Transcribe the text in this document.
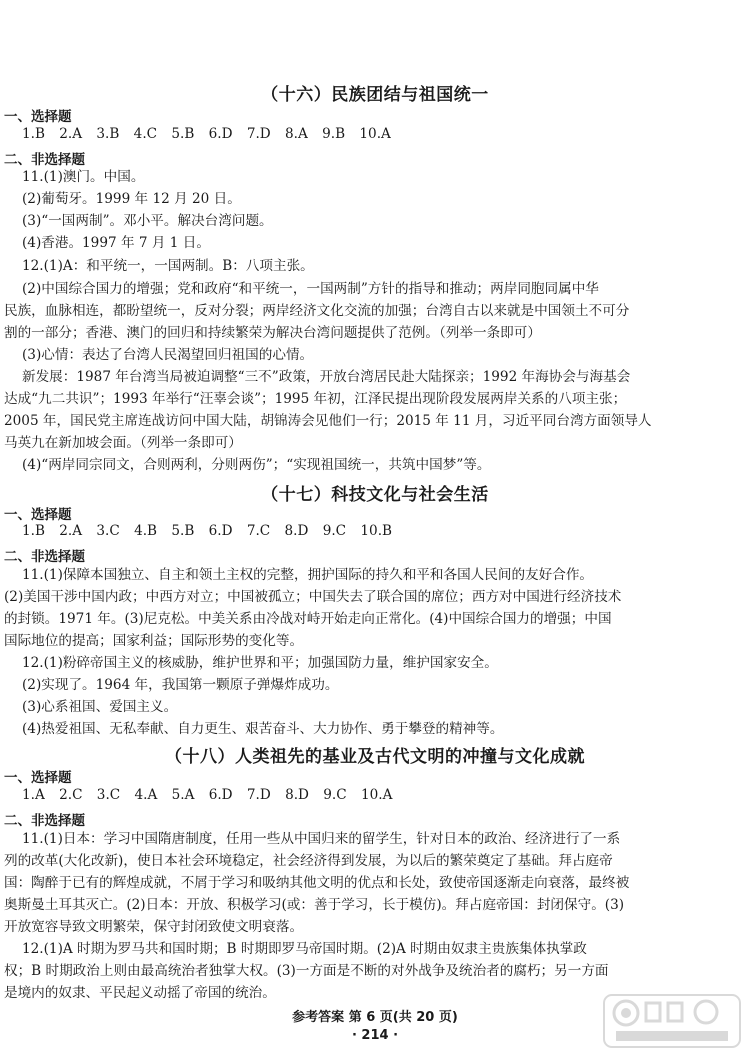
（十六）民族团结与祖国统一
一、选择题
1.B 2.A 3.B 4.C 5.B 6.D 7.D 8.A 9.B 10.A
二、非选择题
11.(1)澳门。中国。
(2)葡萄牙。1999 年 12 月 20 日。
(3)“一国两制”。邓小平。解决台湾问题。
(4)香港。1997 年 7 月 1 日。
12.(1)A：和平统一，一国两制。B：八项主张。
(2)中国综合国力的增强；党和政府“和平统一，一国两制”方针的指导和推动；两岸同胞同属中华
民族，血脉相连，都盼望统一，反对分裂；两岸经济文化交流的加强；台湾自古以来就是中国领土不可分
割的一部分；香港、澳门的回归和持续繁荣为解决台湾问题提供了范例。（列举一条即可）
(3)心情：表达了台湾人民渴望回归祖国的心情。
新发展：1987 年台湾当局被迫调整“三不”政策，开放台湾居民赴大陆探亲；1992 年海协会与海基会
达成“九二共识”；1993 年举行“汪辜会谈”；1995 年初，江泽民提出现阶段发展两岸关系的八项主张；
2005 年，国民党主席连战访问中国大陆，胡锦涛会见他们一行；2015 年 11 月，习近平同台湾方面领导人
马英九在新加坡会面。（列举一条即可）
(4)“两岸同宗同文，合则两利，分则两伤”；“实现祖国统一，共筑中国梦”等。
（十七）科技文化与社会生活
一、选择题
1.B 2.A 3.C 4.B 5.B 6.D 7.C 8.D 9.C 10.B
二、非选择题
11.(1)保障本国独立、自主和领土主权的完整，拥护国际的持久和平和各国人民间的友好合作。
(2)美国干涉中国内政；中西方对立；中国被孤立；中国失去了联合国的席位；西方对中国进行经济技术
的封锁。1971 年。(3)尼克松。中美关系由冷战对峙开始走向正常化。(4)中国综合国力的增强；中国
国际地位的提高；国家利益；国际形势的变化等。
12.(1)粉碎帝国主义的核威胁，维护世界和平；加强国防力量，维护国家安全。
(2)实现了。1964 年，我国第一颗原子弹爆炸成功。
(3)心系祖国、爱国主义。
(4)热爱祖国、无私奉献、自力更生、艰苦奋斗、大力协作、勇于攀登的精神等。
（十八）人类祖先的基业及古代文明的冲撞与文化成就
一、选择题
1.A 2.C 3.C 4.A 5.A 6.D 7.D 8.D 9.C 10.A
二、非选择题
11.(1)日本：学习中国隋唐制度，任用一些从中国归来的留学生，针对日本的政治、经济进行了一系
列的改革(大化改新)，使日本社会环境稳定，社会经济得到发展，为以后的繁荣奠定了基础。拜占庭帝
国：陶醉于已有的辉煌成就，不屑于学习和吸纳其他文明的优点和长处，致使帝国逐渐走向衰落，最终被
奥斯曼土耳其灭亡。(2)日本：开放、积极学习(或：善于学习，长于模仿)。拜占庭帝国：封闭保守。(3)
开放宽容导致文明繁荣，保守封闭致使文明衰落。
12.(1)A 时期为罗马共和国时期；B 时期即罗马帝国时期。(2)A 时期由奴隶主贵族集体执掌政
权；B 时期政治上则由最高统治者独掌大权。(3)一方面是不断的对外战争及统治者的腐朽；另一方面
是境内的奴隶、平民起义动摇了帝国的统治。
参考答案 第 6 页(共 20 页)
· 214 ·
